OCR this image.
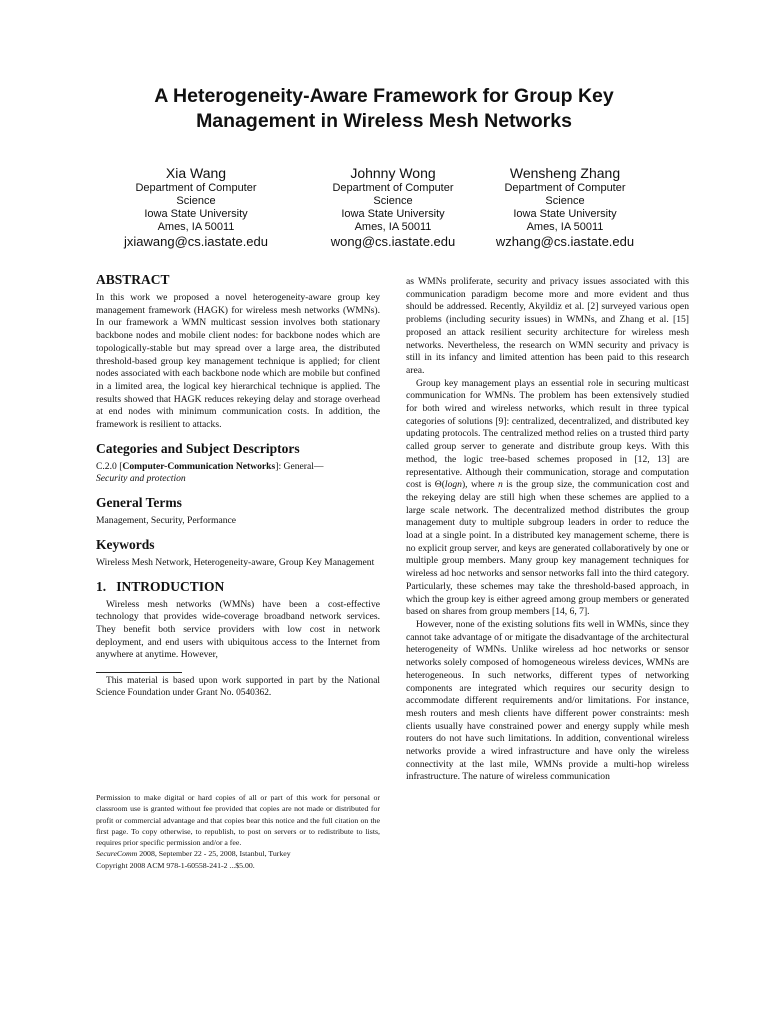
A Heterogeneity-Aware Framework for Group Key
Management in Wireless Mesh Networks
Xia Wang
Department of Computer
Science
Iowa State University
Ames, IA 50011
jxiawang@cs.iastate.edu
Johnny Wong
Department of Computer
Science
Iowa State University
Ames, IA 50011
wong@cs.iastate.edu
Wensheng Zhang
Department of Computer
Science
Iowa State University
Ames, IA 50011
wzhang@cs.iastate.edu
ABSTRACT

In this work we proposed a novel heterogeneity-aware group key management framework (HAGK) for wireless mesh networks (WMNs). In our framework a WMN multicast session involves both stationary backbone nodes and mobile client nodes: for backbone nodes which are topologically-stable but may spread over a large area, the distributed threshold-based group key management technique is applied; for client nodes associated with each backbone node which are mobile but confined in a limited area, the logical key hierarchical technique is applied. The results showed that HAGK reduces rekeying delay and storage overhead at end nodes with minimum communication costs. In addition, the framework is resilient to attacks.

Categories and Subject Descriptors

C.2.0 [Computer-Communication Networks]: General—
Security and protection

General Terms

Management, Security, Performance

Keywords

Wireless Mesh Network, Heterogeneity-aware, Group Key Management

1.   INTRODUCTION

Wireless mesh networks (WMNs) have been a cost-effective technology that provides wide-coverage broadband network services. They benefit both service providers with low cost in network deployment, and end users with ubiquitous access to the Internet from anywhere at anytime. However,

This material is based upon work supported in part by the National Science Foundation under Grant No. 0540362.

Permission to make digital or hard copies of all or part of this work for personal or classroom use is granted without fee provided that copies are not made or distributed for profit or commercial advantage and that copies bear this notice and the full citation on the first page. To copy otherwise, to republish, to post on servers or to redistribute to lists, requires prior specific permission and/or a fee.

SecureComm 2008, September 22 - 25, 2008, Istanbul, Turkey

Copyright 2008 ACM 978-1-60558-241-2 ...$5.00.

as WMNs proliferate, security and privacy issues associated with this communication paradigm become more and more evident and thus should be addressed. Recently, Akyildiz et al. [2] surveyed various open problems (including security issues) in WMNs, and Zhang et al. [15] proposed an attack resilient security architecture for wireless mesh networks. Nevertheless, the research on WMN security and privacy is still in its infancy and limited attention has been paid to this research area.

Group key management plays an essential role in securing multicast communication for WMNs. The problem has been extensively studied for both wired and wireless networks, which result in three typical categories of solutions [9]: centralized, decentralized, and distributed key updating protocols. The centralized method relies on a trusted third party called group server to generate and distribute group keys. With this method, the logic tree-based schemes proposed in [12, 13] are representative. Although their communication, storage and computation cost is Θ(logn), where n is the group size, the communication cost and the rekeying delay are still high when these schemes are applied to a large scale network. The decentralized method distributes the group management duty to multiple subgroup leaders in order to reduce the load at a single point. In a distributed key management scheme, there is no explicit group server, and keys are generated collaboratively by one or multiple group members. Many group key management techniques for wireless ad hoc networks and sensor networks fall into the third category. Particularly, these schemes may take the threshold-based approach, in which the group key is either agreed among group members or generated based on shares from group members [14, 6, 7].

However, none of the existing solutions fits well in WMNs, since they cannot take advantage of or mitigate the disadvantage of the architectural heterogeneity of WMNs. Unlike wireless ad hoc networks or sensor networks solely composed of homogeneous wireless devices, WMNs are heterogeneous. In such networks, different types of networking components are integrated which requires our security design to accommodate different requirements and/or limitations. For instance, mesh routers and mesh clients have different power constraints: mesh clients usually have constrained power and energy supply while mesh routers do not have such limitations. In addition, conventional wireless networks provide a wired infrastructure and have only the wireless connectivity at the last mile, WMNs provide a multi-hop wireless infrastructure. The nature of wireless communication
